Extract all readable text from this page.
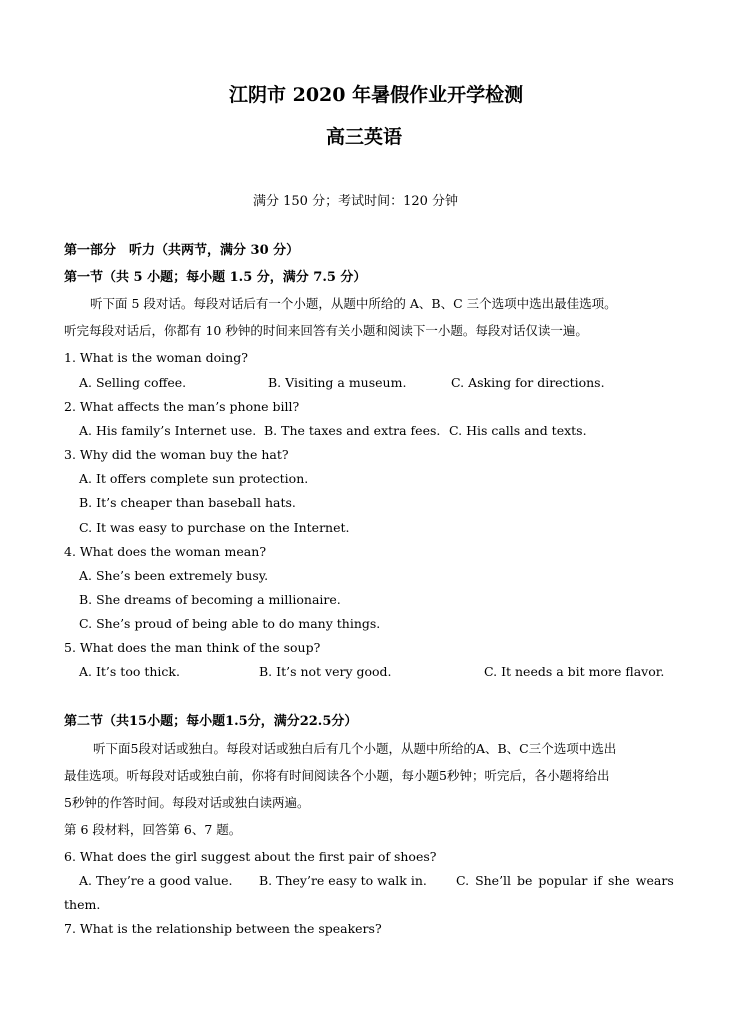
江阴市 2020 年暑假作业开学检测
高三英语
满分 150 分；考试时间：120 分钟
第一部分　听力（共两节，满分 30 分）
第一节（共 5 小题；每小题 1.5 分，满分 7.5 分）
听下面 5 段对话。每段对话后有一个小题，从题中所给的 A、B、C 三个选项中选出最佳选项。
听完每段对话后，你都有 10 秒钟的时间来回答有关小题和阅读下一小题。每段对话仅读一遍。
1. What is the woman doing?
A. Selling coffee.	B. Visiting a museum.	C. Asking for directions.
2. What affects the man’s phone bill?
A. His family’s Internet use. B. The taxes and extra fees. C. His calls and texts.
3. Why did the woman buy the hat?
A. It offers complete sun protection.
B. It’s cheaper than baseball hats.
C. It was easy to purchase on the Internet.
4. What does the woman mean?
A. She’s been extremely busy.
B. She dreams of becoming a millionaire.
C. She’s proud of being able to do many things.
5. What does the man think of the soup?
A. It’s too thick.	B. It’s not very good.	C. It needs a bit more flavor.
第二节（共15小题；每小题1.5分，满分22.5分）
听下面5段对话或独白。每段对话或独白后有几个小题，从题中所给的A、B、C三个选项中选出
最佳选项。听每段对话或独白前，你将有时间阅读各个小题，每小题5秒钟；听完后，各小题将给出
5秒钟的作答时间。每段对话或独白读两遍。
第 6 段材料，回答第 6、7 题。
6. What does the girl suggest about the first pair of shoes?
A. They’re a good value. B. They’re easy to walk in. C. She’ll be popular if she wears
them.
7. What is the relationship between the speakers?
